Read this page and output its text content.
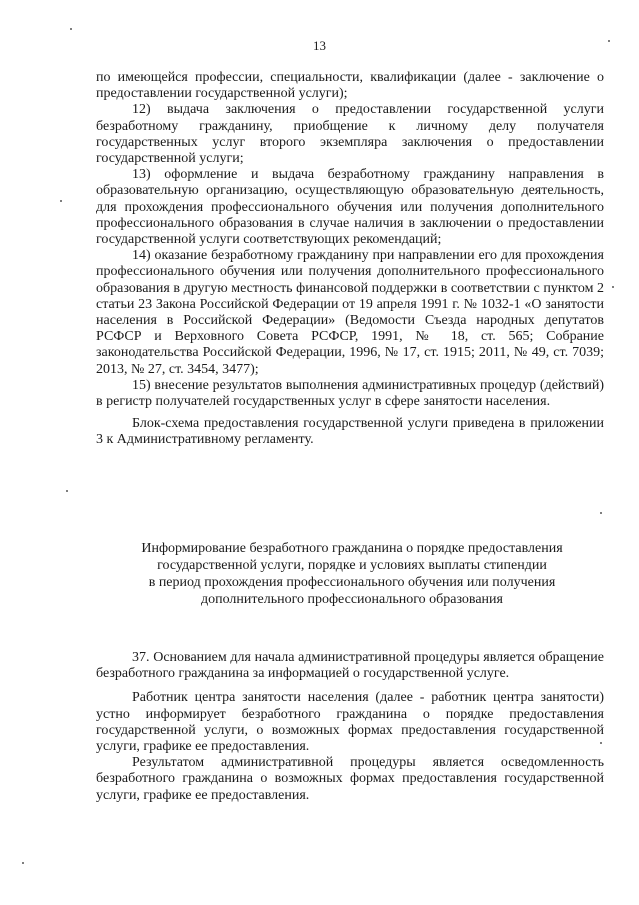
13

по имеющейся профессии, специальности, квалификации (далее - заключение о предоставлении государственной услуги);

12) выдача заключения о предоставлении государственной услуги безработному гражданину, приобщение к личному делу получателя государственных услуг второго экземпляра заключения о предоставлении государственной услуги;

13) оформление и выдача безработному гражданину направления в образовательную организацию, осуществляющую образовательную деятельность, для прохождения профессионального обучения или получения дополнительного профессионального образования в случае наличия в заключении о предоставлении государственной услуги соответствующих рекомендаций;

14) оказание безработному гражданину при направлении его для прохождения профессионального обучения или получения дополнительного профессионального образования в другую местность финансовой поддержки в соответствии с пунктом 2 статьи 23 Закона Российской Федерации от 19 апреля 1991 г. № 1032-1 «О занятости населения в Российской Федерации» (Ведомости Съезда народных депутатов РСФСР и Верховного Совета РСФСР, 1991, № 18, ст. 565; Собрание законодательства Российской Федерации, 1996, № 17, ст. 1915; 2011, № 49, ст. 7039; 2013, № 27, ст. 3454, 3477);

15) внесение результатов выполнения административных процедур (действий) в регистр получателей государственных услуг в сфере занятости населения.

Блок-схема предоставления государственной услуги приведена в приложении 3 к Административному регламенту.

Информирование безработного гражданина о порядке предоставления
государственной услуги, порядке и условиях выплаты стипендии
в период прохождения профессионального обучения или получения
дополнительного профессионального образования

37. Основанием для начала административной процедуры является обращение безработного гражданина за информацией о государственной услуге.

Работник центра занятости населения (далее - работник центра занятости) устно информирует безработного гражданина о порядке предоставления государственной услуги, о возможных формах предоставления государственной услуги, графике ее предоставления.

Результатом административной процедуры является осведомленность безработного гражданина о возможных формах предоставления государственной услуги, графике ее предоставления.
